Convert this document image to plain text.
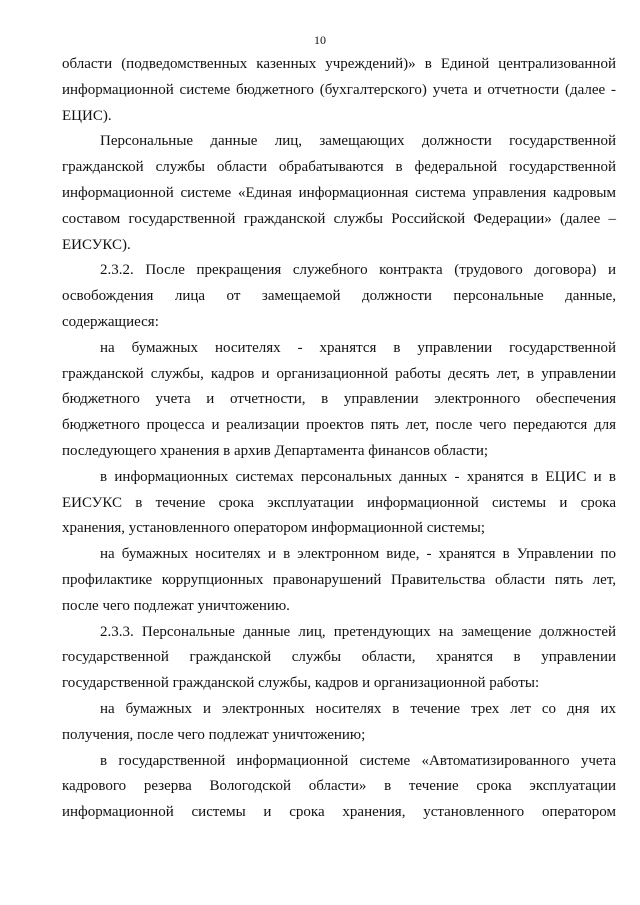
10
области (подведомственных казенных учреждений)» в Единой централизованной
информационной системе бюджетного (бухгалтерского) учета и отчетности (далее -
ЕЦИС).
Персональные данные лиц, замещающих должности государственной
гражданской службы области обрабатываются в федеральной государственной
информационной системе «Единая информационная система управления кадровым
составом государственной гражданской службы Российской Федерации» (далее –
ЕИСУКС).
2.3.2. После прекращения служебного контракта (трудового договора) и
освобождения лица от замещаемой должности персональные данные,
содержащиеся:
на бумажных носителях - хранятся в управлении государственной
гражданской службы, кадров и организационной работы десять лет, в управлении
бюджетного учета и отчетности, в управлении электронного обеспечения
бюджетного процесса и реализации проектов пять лет, после чего передаются для
последующего хранения в архив Департамента финансов области;
в информационных системах персональных данных - хранятся в ЕЦИС и в
ЕИСУКС в течение срока эксплуатации информационной системы и срока
хранения, установленного оператором информационной системы;
на бумажных носителях и в электронном виде, - хранятся в Управлении по
профилактике коррупционных правонарушений Правительства области пять лет,
после чего подлежат уничтожению.
2.3.3. Персональные данные лиц, претендующих на замещение должностей
государственной гражданской службы области, хранятся в управлении
государственной гражданской службы, кадров и организационной работы:
на бумажных и электронных носителях в течение трех лет со дня их
получения, после чего подлежат уничтожению;
в государственной информационной системе «Автоматизированного учета
кадрового резерва Вологодской области» в течение срока эксплуатации
информационной системы и срока хранения, установленного оператором
